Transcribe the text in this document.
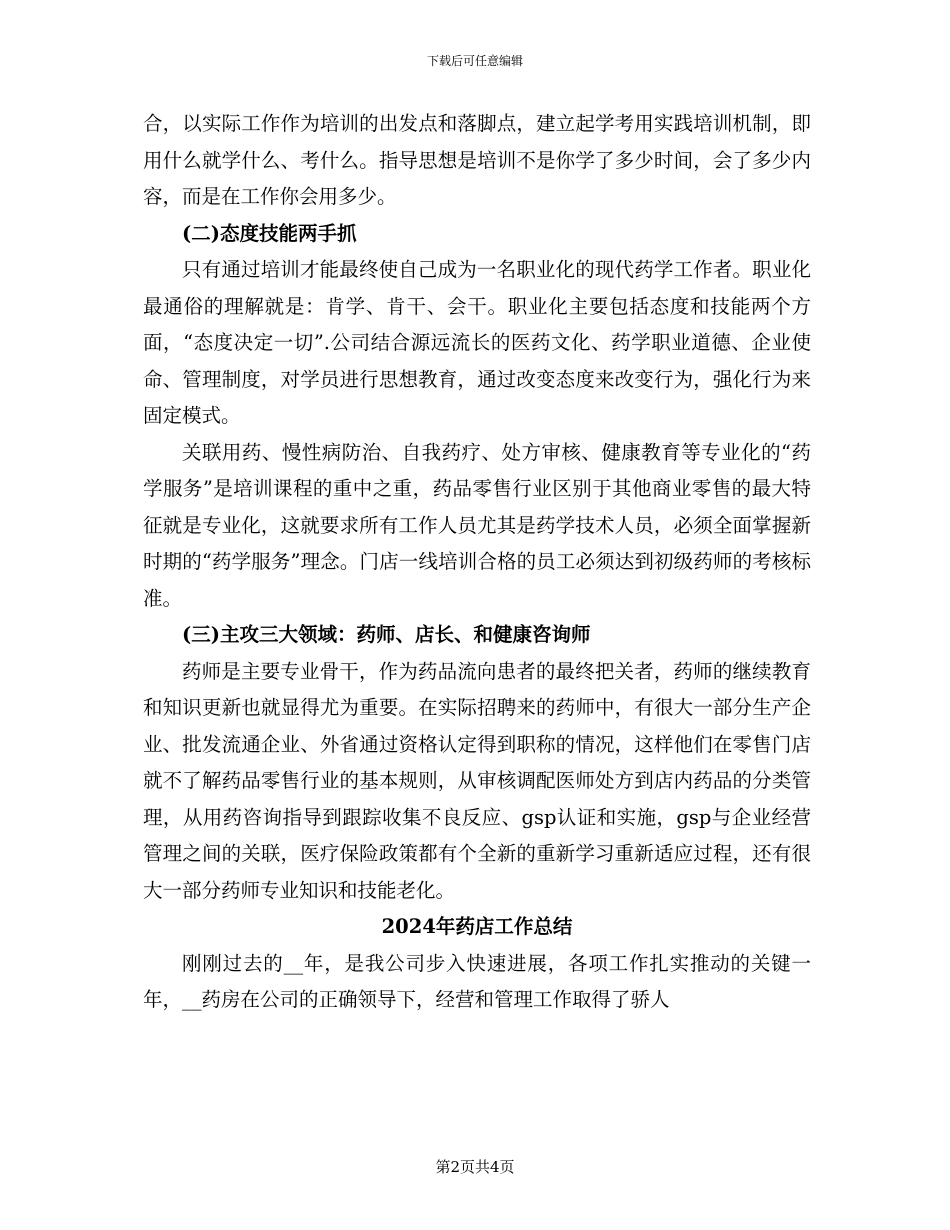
下载后可任意编辑

合，以实际工作作为培训的出发点和落脚点，建立起学考用实践培训机制，即用什么就学什么、考什么。指导思想是培训不是你学了多少时间，会了多少内容，而是在工作你会用多少。

(二)态度技能两手抓

只有通过培训才能最终使自己成为一名职业化的现代药学工作者。职业化最通俗的理解就是：肯学、肯干、会干。职业化主要包括态度和技能两个方面，“态度决定一切”.公司结合源远流长的医药文化、药学职业道德、企业使命、管理制度，对学员进行思想教育，通过改变态度来改变行为，强化行为来固定模式。

关联用药、慢性病防治、自我药疗、处方审核、健康教育等专业化的“药学服务”是培训课程的重中之重，药品零售行业区别于其他商业零售的最大特征就是专业化，这就要求所有工作人员尤其是药学技术人员，必须全面掌握新时期的“药学服务”理念。门店一线培训合格的员工必须达到初级药师的考核标准。

(三)主攻三大领域：药师、店长、和健康咨询师

药师是主要专业骨干，作为药品流向患者的最终把关者，药师的继续教育和知识更新也就显得尤为重要。在实际招聘来的药师中，有很大一部分生产企业、批发流通企业、外省通过资格认定得到职称的情况，这样他们在零售门店就不了解药品零售行业的基本规则，从审核调配医师处方到店内药品的分类管理，从用药咨询指导到跟踪收集不良反应、gsp认证和实施，gsp与企业经营管理之间的关联，医疗保险政策都有个全新的重新学习重新适应过程，还有很大一部分药师专业知识和技能老化。

2024年药店工作总结

刚刚过去的__年，是我公司步入快速进展，各项工作扎实推动的关键一年，__药房在公司的正确领导下，经营和管理工作取得了骄人

第2页共4页
